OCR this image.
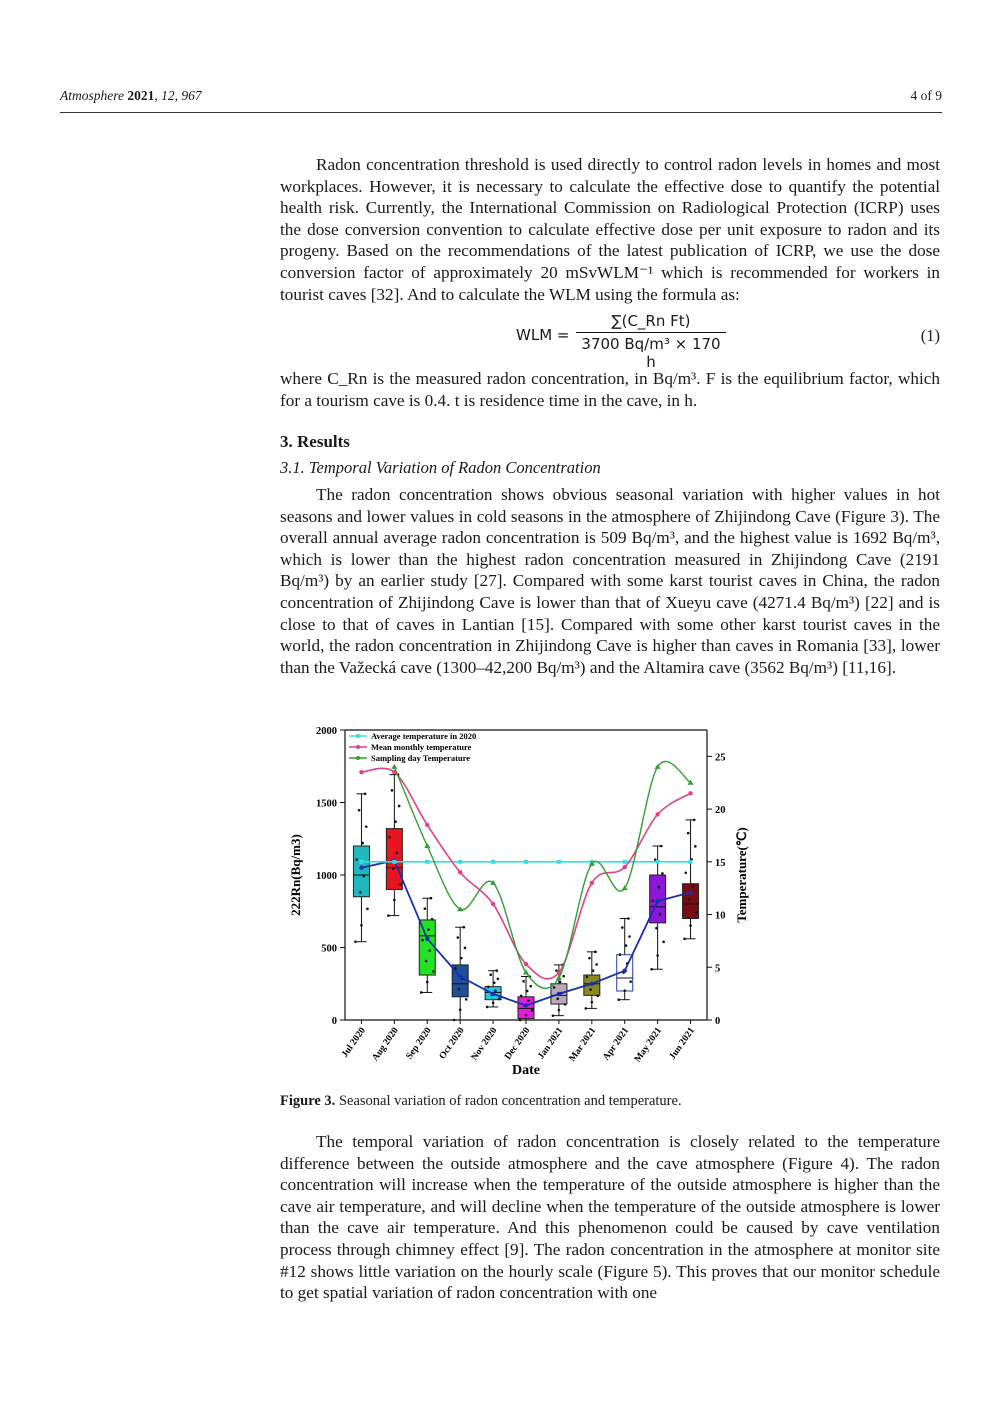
Atmosphere 2021, 12, 967	4 of 9

Radon concentration threshold is used directly to control radon levels in homes and most workplaces. However, it is necessary to calculate the effective dose to quantify the potential health risk. Currently, the International Commission on Radiological Protection (ICRP) uses the dose conversion convention to calculate effective dose per unit exposure to radon and its progeny. Based on the recommendations of the latest publication of ICRP, we use the dose conversion factor of approximately 20 mSvWLM⁻¹ which is recommended for workers in tourist caves [32]. And to calculate the WLM using the formula as:

WLM =
∑(C_Rn Ft)
3700 Bq/m³ × 170 h
(1)

where C_Rn is the measured radon concentration, in Bq/m³. F is the equilibrium factor, which for a tourism cave is 0.4. t is residence time in the cave, in h.

3. Results
3.1. Temporal Variation of Radon Concentration

The radon concentration shows obvious seasonal variation with higher values in hot seasons and lower values in cold seasons in the atmosphere of Zhijindong Cave (Figure 3). The overall annual average radon concentration is 509 Bq/m³, and the highest value is 1692 Bq/m³, which is lower than the highest radon concentration measured in Zhijindong Cave (2191 Bq/m³) by an earlier study [27]. Compared with some karst tourist caves in China, the radon concentration of Zhijindong Cave is lower than that of Xueyu cave (4271.4 Bq/m³) [22] and is close to that of caves in Lantian [15]. Compared with some other karst tourist caves in the world, the radon concentration in Zhijindong Cave is higher than caves in Romania [33], lower than the Važecká cave (1300–42,200 Bq/m³) and the Altamira cave (3562 Bq/m³) [11,16].

0
500
1000
1500
2000
0
5
10
15
20
25
222Rn(Bq/m3)	Temperature(℃)
Date
Jul 2020 Aug 2020 Sep 2020 Oct 2020 Nov 2020 Dec 2020 Jan 2021 Mar 2021 Apr 2021 May 2021 Jun 2021
Average temperature in 2020
Mean monthly temperature
Sampling day Temperature
Figure 3. Seasonal variation of radon concentration and temperature.

The temporal variation of radon concentration is closely related to the temperature difference between the outside atmosphere and the cave atmosphere (Figure 4). The radon concentration will increase when the temperature of the outside atmosphere is higher than the cave air temperature, and will decline when the temperature of the outside atmosphere is lower than the cave air temperature. And this phenomenon could be caused by cave ventilation process through chimney effect [9]. The radon concentration in the atmosphere at monitor site #12 shows little variation on the hourly scale (Figure 5). This proves that our monitor schedule to get spatial variation of radon concentration with one
